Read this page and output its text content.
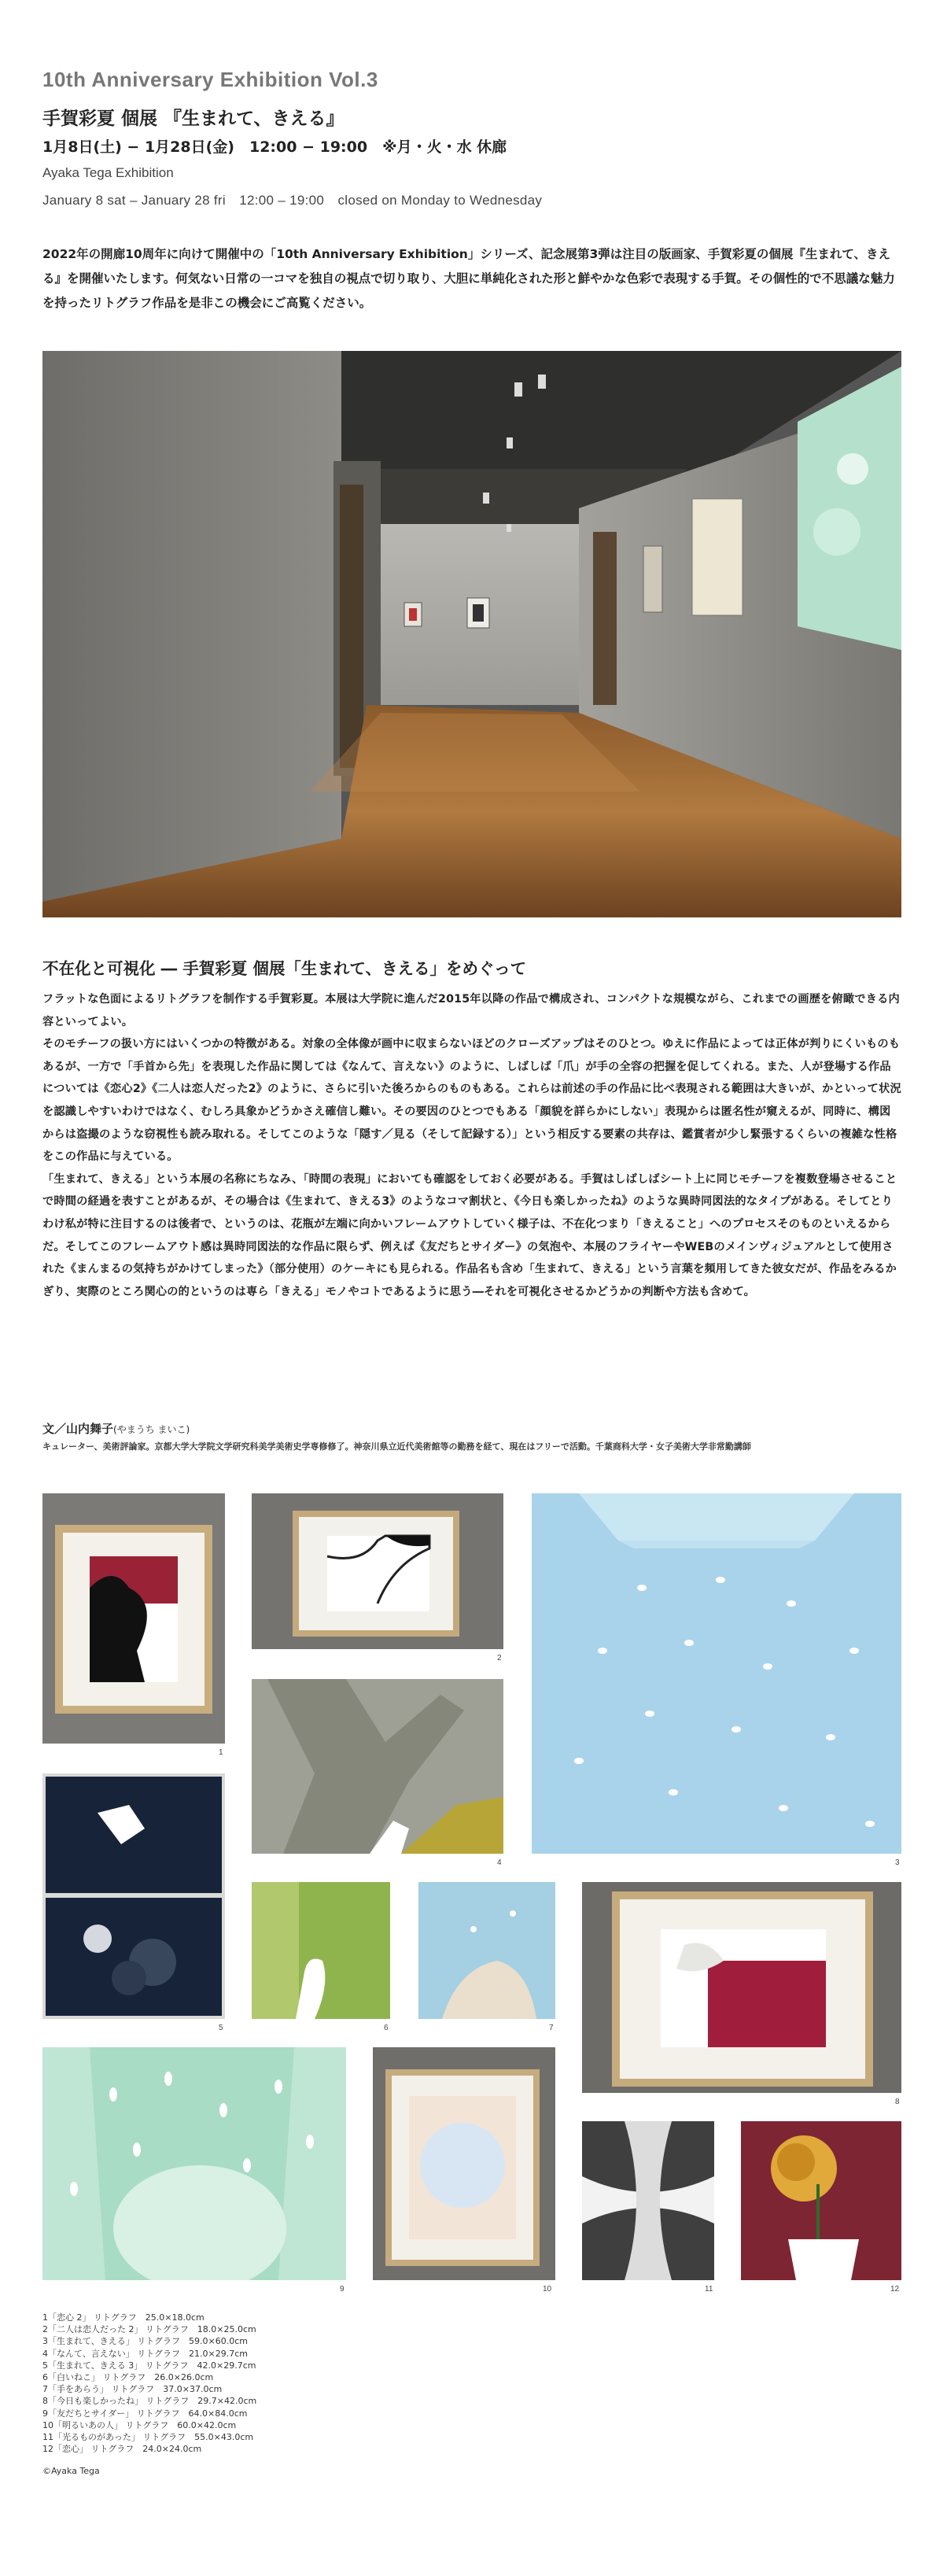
10th Anniversary Exhibition Vol.3
手賀彩夏 個展 『生まれて、きえる』
1月8日(土) − 1月28日(金)　12:00 − 19:00　※月・火・水 休廊
Ayaka Tega Exhibition
January 8 sat – January 28 fri　12:00 – 19:00　closed on Monday to Wednesday
2022年の開廊10周年に向けて開催中の「10th Anniversary Exhibition」シリーズ、記念展第3弾は注目の版画家、手賀彩夏の個展『生まれて、きえる』を開催いたします。何気ない日常の一コマを独自の視点で切り取り、大胆に単純化された形と鮮やかな色彩で表現する手賀。その個性的で不思議な魅力を持ったリトグラフ作品を是非この機会にご高覧ください。
不在化と可視化 ― 手賀彩夏 個展「生まれて、きえる」をめぐって

フラットな色面によるリトグラフを制作する手賀彩夏。本展は大学院に進んだ2015年以降の作品で構成され、コンパクトな規模ながら、これまでの画歴を俯瞰できる内容といってよい。

そのモチーフの扱い方にはいくつかの特徴がある。対象の全体像が画中に収まらないほどのクローズアップはそのひとつ。ゆえに作品によっては正体が判りにくいものもあるが、一方で「手首から先」を表現した作品に関しては《なんて、言えない》のように、しばしば「爪」が手の全容の把握を促してくれる。また、人が登場する作品については《恋心2》《二人は恋人だった2》のように、さらに引いた後ろからのものもある。これらは前述の手の作品に比べ表現される範囲は大きいが、かといって状況を認識しやすいわけではなく、むしろ具象かどうかさえ確信し難い。その要因のひとつでもある「顔貌を詳らかにしない」表現からは匿名性が窺えるが、同時に、構図からは盗撮のような窃視性も読み取れる。そしてこのような「隠す／見る（そして記録する）」という相反する要素の共存は、鑑賞者が少し緊張するくらいの複雑な性格をこの作品に与えている。

「生まれて、きえる」という本展の名称にちなみ、「時間の表現」においても確認をしておく必要がある。手賀はしばしばシート上に同じモチーフを複数登場させることで時間の経過を表すことがあるが、その場合は《生まれて、きえる3》のようなコマ割状と、《今日も楽しかったね》のような異時同図法的なタイプがある。そしてとりわけ私が特に注目するのは後者で、というのは、花瓶が左端に向かいフレームアウトしていく様子は、不在化つまり「きえること」へのプロセスそのものといえるからだ。そしてこのフレームアウト感は異時同図法的な作品に限らず、例えば《友だちとサイダー》の気泡や、本展のフライヤーやWEBのメインヴィジュアルとして使用された《まんまるの気持ちがかけてしまった》（部分使用）のケーキにも見られる。作品名も含め「生まれて、きえる」という言葉を頻用してきた彼女だが、作品をみるかぎり、実際のところ関心の的というのは専ら「きえる」モノやコトであるように思う―それを可視化させるかどうかの判断や方法も含めて。

文／山内舞子(やまうち まいこ)
キュレーター、美術評論家。京都大学大学院文学研究科美学美術史学専修修了。神奈川県立近代美術館等の勤務を経て、現在はフリーで活動。千葉商科大学・女子美術大学非常勤講師
1
2
3
4
5	6	7
8
9	10	11	12
1「恋心 2」 リトグラフ　25.0×18.0cm
2「二人は恋人だった 2」 リトグラフ　18.0×25.0cm
3「生まれて、きえる」 リトグラフ　59.0×60.0cm
4「なんて、言えない」 リトグラフ　21.0×29.7cm
5「生まれて、きえる 3」 リトグラフ　42.0×29.7cm
6「白いねこ」 リトグラフ　26.0×26.0cm
7「手をあらう」 リトグラフ　37.0×37.0cm
8「今日も楽しかったね」 リトグラフ　29.7×42.0cm
9「友だちとサイダー」 リトグラフ　64.0×84.0cm
10「明るいあの人」 リトグラフ　60.0×42.0cm
11「光るものがあった」 リトグラフ　55.0×43.0cm
12「恋心」 リトグラフ　24.0×24.0cm
©Ayaka Tega
